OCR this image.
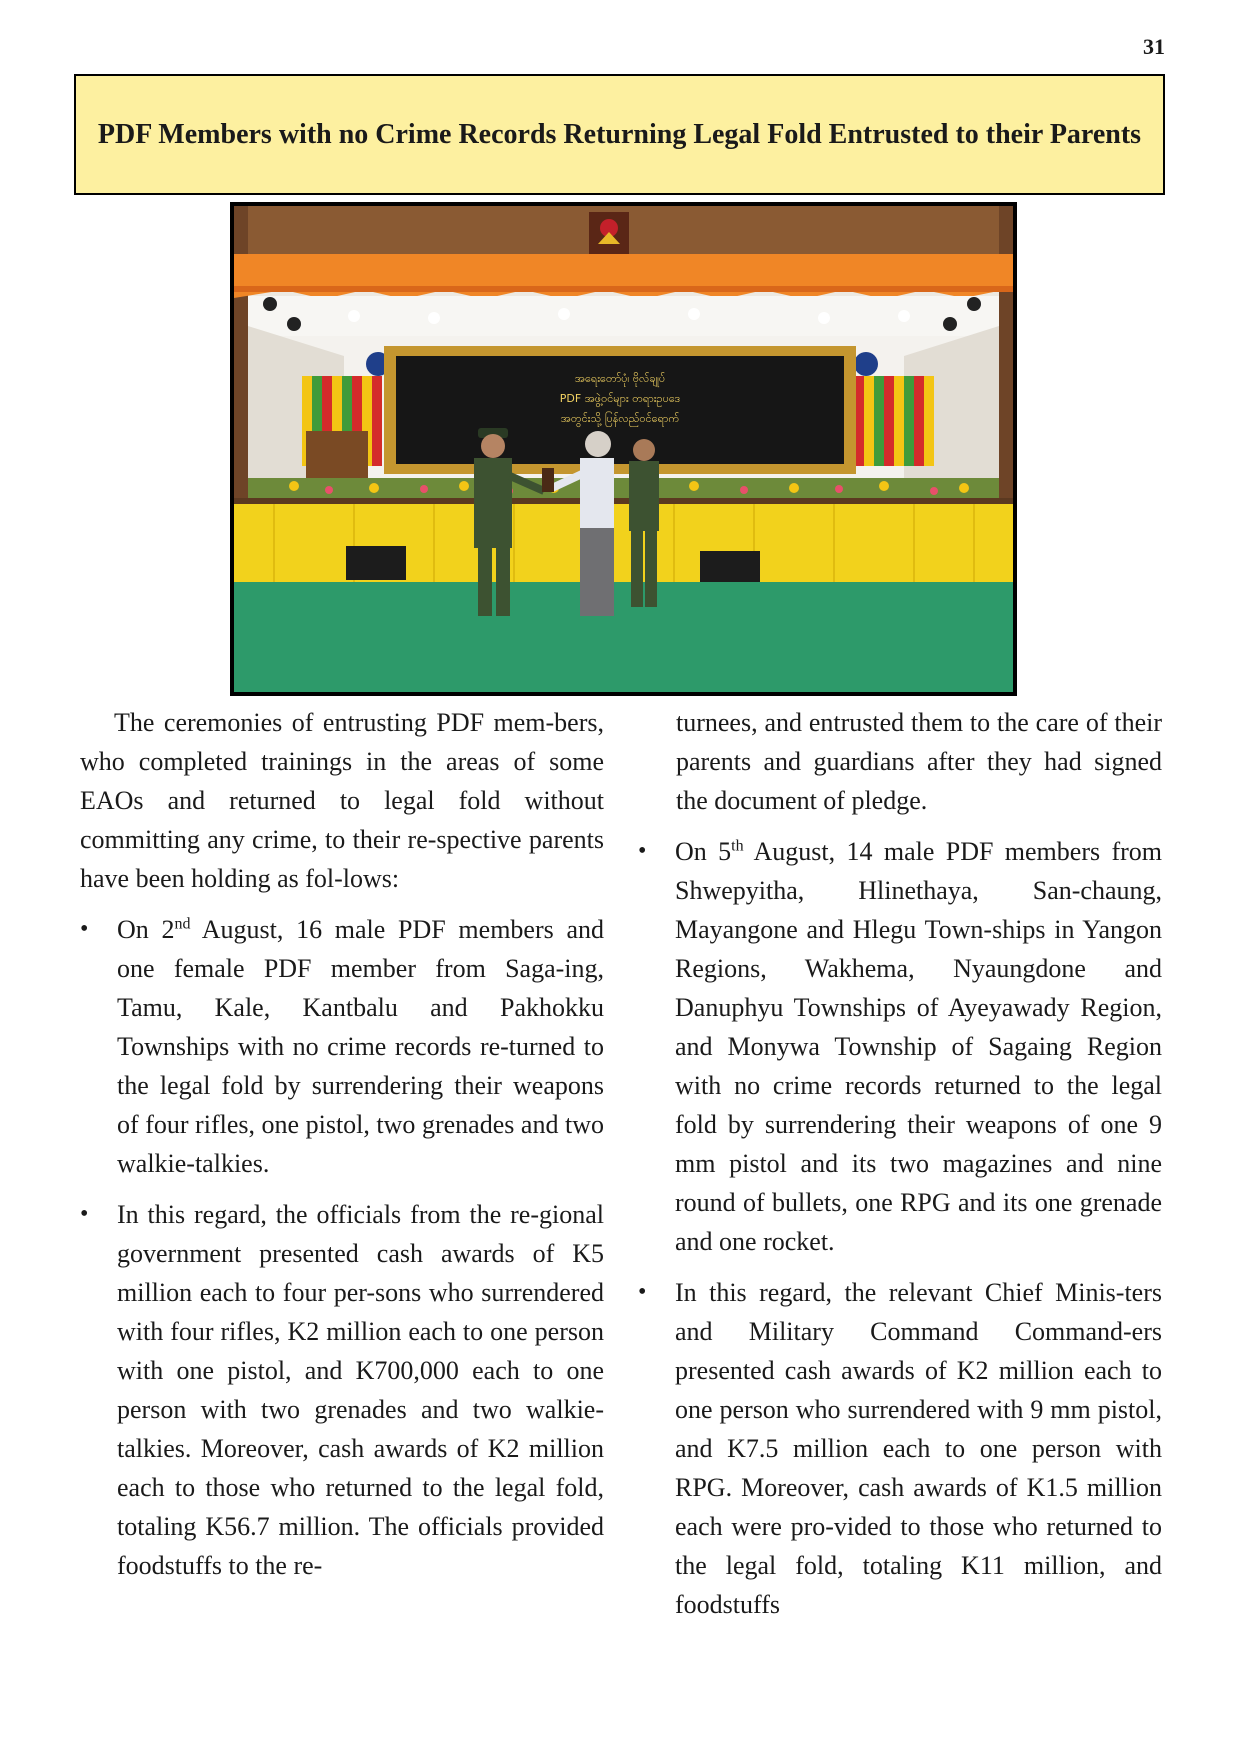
31
PDF Members with no Crime Records Returning Legal Fold Entrusted to their Parents
အရေးတော်ပုံ၊ ဗိုလ်ချုပ်
PDF အဖွဲ့ဝင်များ တရားဥပဒေ
အတွင်းသို့ ပြန်လည်ဝင်ရောက်

The ceremonies of entrusting PDF mem-bers, who completed trainings in the areas of some EAOs and returned to legal fold without committing any crime, to their re-spective parents have been holding as fol-lows:

• On 2nd August, 16 male PDF members and one female PDF member from Saga-ing, Tamu, Kale, Kantbalu and Pakhokku Townships with no crime records re-turned to the legal fold by surrendering their weapons of four rifles, one pistol, two grenades and two walkie-talkies.
• In this regard, the officials from the re-gional government presented cash awards of K5 million each to four per-sons who surrendered with four rifles, K2 million each to one person with one pistol, and K700,000 each to one person with two grenades and two walkie-talkies. Moreover, cash awards of K2 million each to those who returned to the legal fold, totaling K56.7 million. The officials provided foodstuffs to the re-

turnees, and entrusted them to the care of their parents and guardians after they had signed the document of pledge.

• On 5th August, 14 male PDF members from Shwepyitha, Hlinethaya, San-chaung, Mayangone and Hlegu Town-ships in Yangon Regions, Wakhema, Nyaungdone and Danuphyu Townships of Ayeyawady Region, and Monywa Township of Sagaing Region with no crime records returned to the legal fold by surrendering their weapons of one 9 mm pistol and its two magazines and nine round of bullets, one RPG and its one grenade and one rocket.
• In this regard, the relevant Chief Minis-ters and Military Command Command-ers presented cash awards of K2 million each to one person who surrendered with 9 mm pistol, and K7.5 million each to one person with RPG. Moreover, cash awards of K1.5 million each were pro-vided to those who returned to the legal fold, totaling K11 million, and foodstuffs
